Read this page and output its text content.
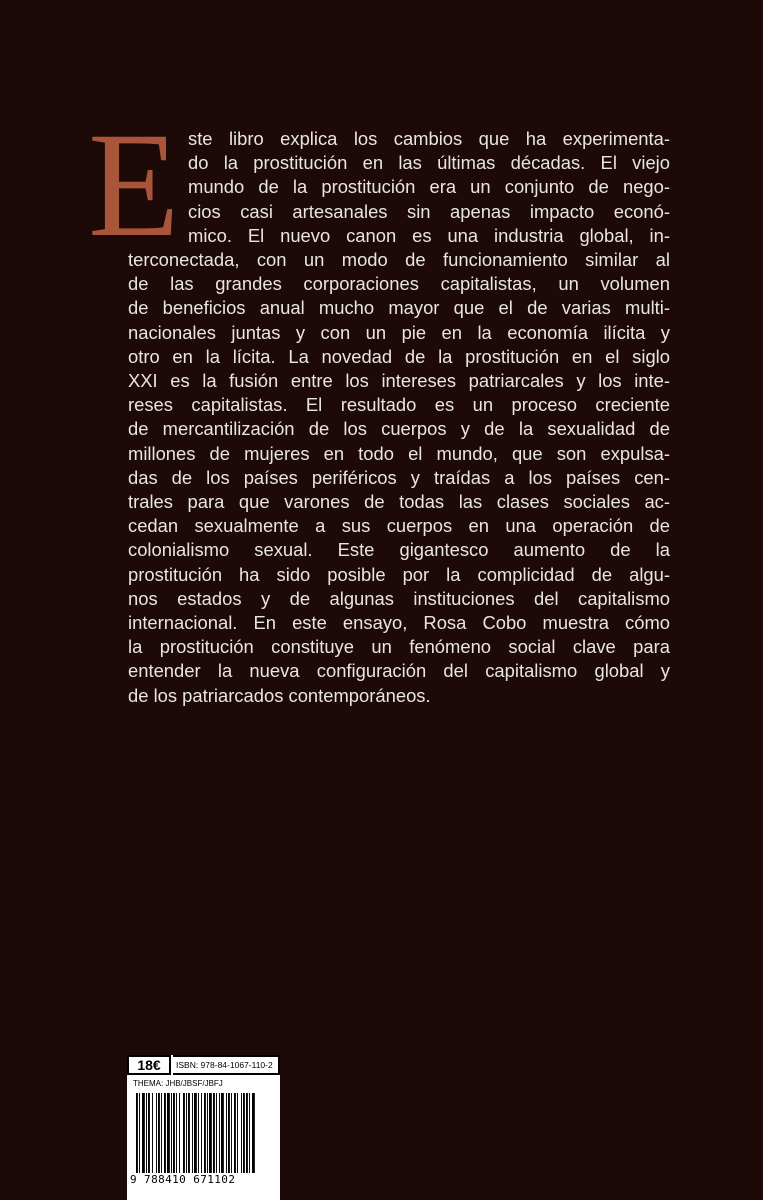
E ste libro explica los cambios que ha experimenta-
do la prostitución en las últimas décadas. El viejo
mundo de la prostitución era un conjunto de nego-
cios casi artesanales sin apenas impacto econó-
mico. El nuevo canon es una industria global, in-
terconectada, con un modo de funcionamiento similar al
de las grandes corporaciones capitalistas, un volumen
de beneficios anual mucho mayor que el de varias multi-
nacionales juntas y con un pie en la economía ilícita y
otro en la lícita. La novedad de la prostitución en el siglo
XXI es la fusión entre los intereses patriarcales y los inte-
reses capitalistas. El resultado es un proceso creciente
de mercantilización de los cuerpos y de la sexualidad de
millones de mujeres en todo el mundo, que son expulsa-
das de los países periféricos y traídas a los países cen-
trales para que varones de todas las clases sociales ac-
cedan sexualmente a sus cuerpos en una operación de
colonialismo sexual. Este gigantesco aumento de la
prostitución ha sido posible por la complicidad de algu-
nos estados y de algunas instituciones del capitalismo
internacional. En este ensayo, Rosa Cobo muestra cómo
la prostitución constituye un fenómeno social clave para
entender la nueva configuración del capitalismo global y
de los patriarcados contemporáneos.
18€	ISBN: 978-84-1067-110-2
THEMA: JHB/JBSF/JBFJ
9 788410 671102
